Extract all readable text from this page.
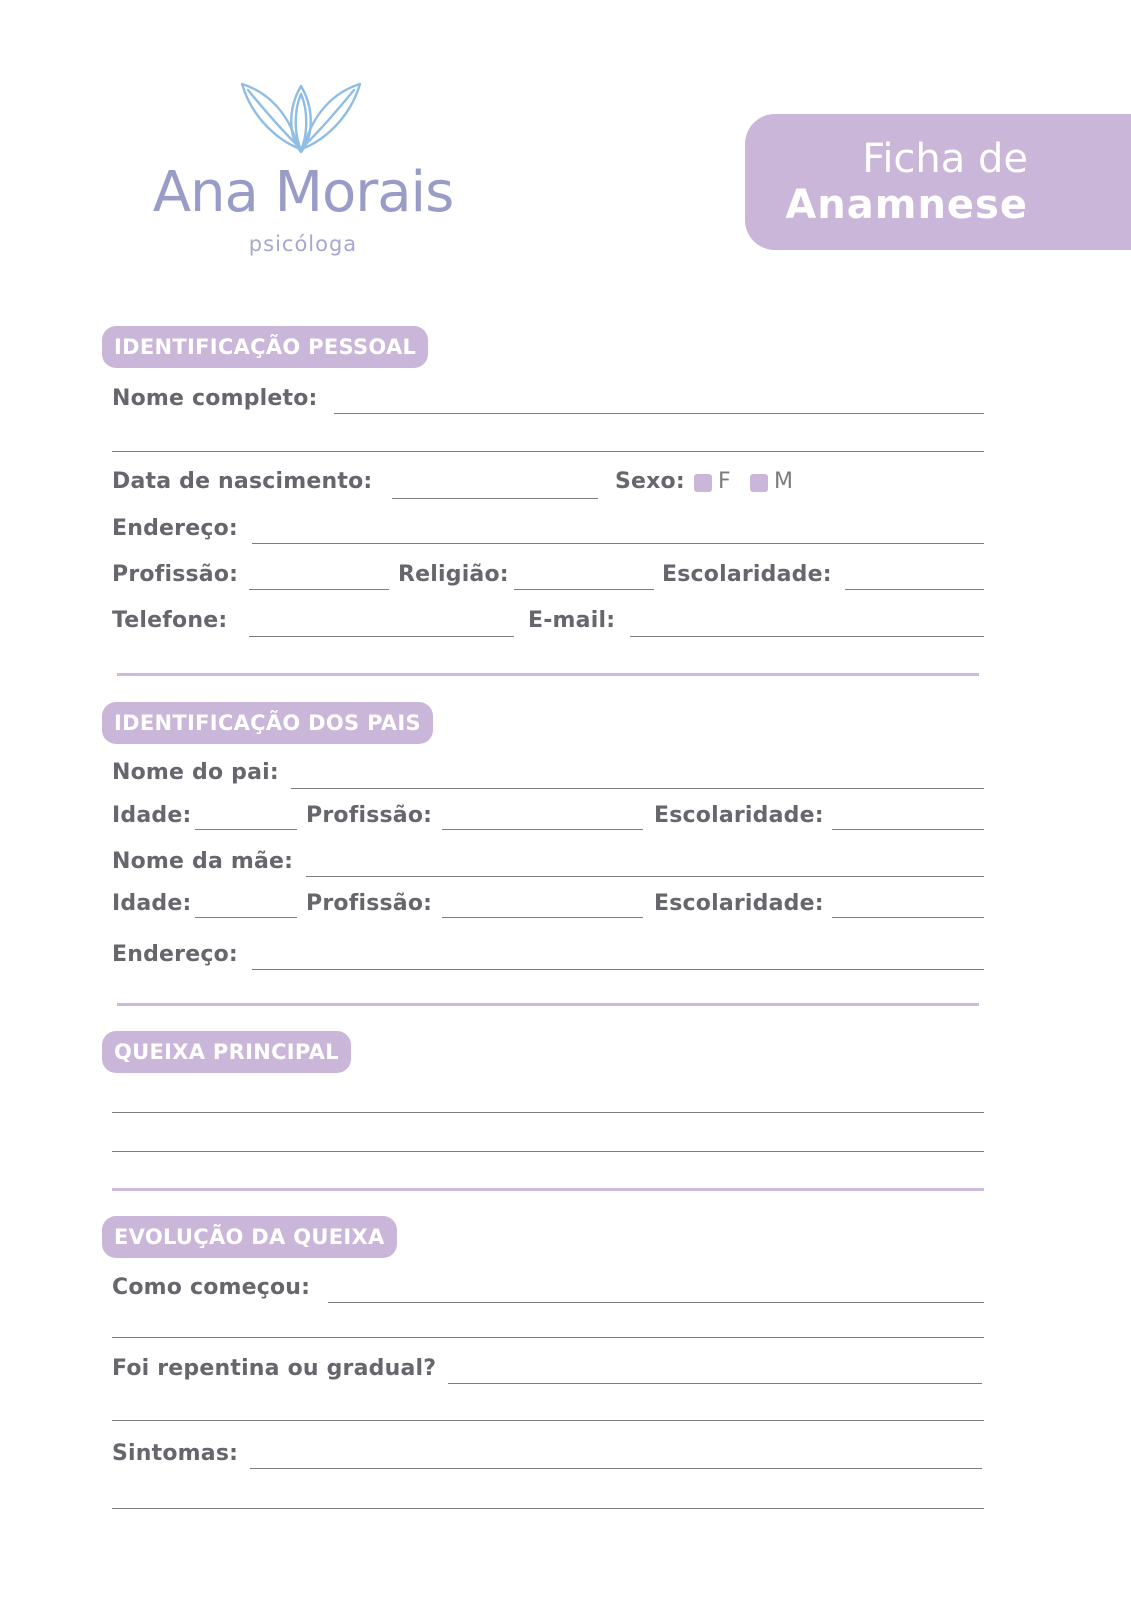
Ana Morais
psicóloga
Ficha de
Anamnese
IDENTIFICAÇÃO PESSOAL
Nome completo:
Data de nascimento:	Sexo: F M
Endereço:
Profissão:	Religião:	Escolaridade:
Telefone:	E-mail:
IDENTIFICAÇÃO DOS PAIS
Nome do pai:
Idade:	Profissão:	Escolaridade:
Nome da mãe:
Idade:	Profissão:	Escolaridade:
Endereço:
QUEIXA PRINCIPAL
EVOLUÇÃO DA QUEIXA
Como começou:
Foi repentina ou gradual?
Sintomas:
